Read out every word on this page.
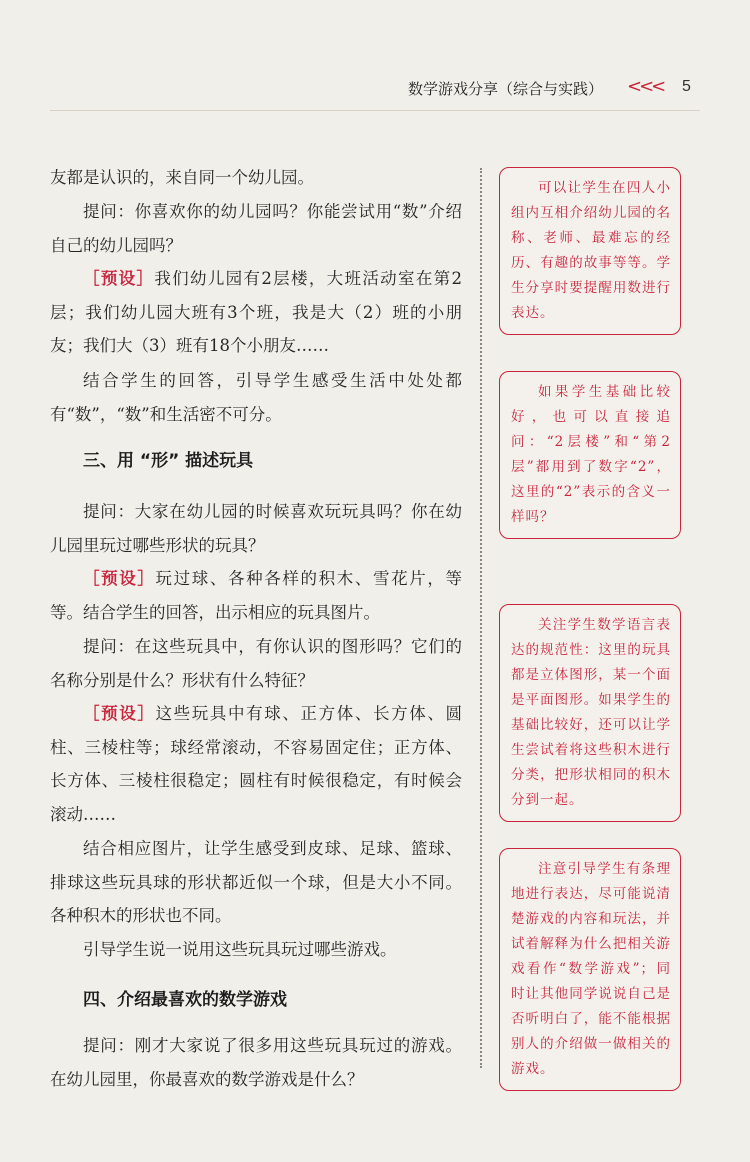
数学游戏分享（综合与实践） <<< 5

友都是认识的，来自同一个幼儿园。

提问：你喜欢你的幼儿园吗？你能尝试用“数”介绍自己的幼儿园吗？

［预设］我们幼儿园有2层楼，大班活动室在第2层；我们幼儿园大班有3个班，我是大（2）班的小朋友；我们大（3）班有18个小朋友……

结合学生的回答，引导学生感受生活中处处都有“数”，“数”和生活密不可分。

三、用 “形” 描述玩具

提问：大家在幼儿园的时候喜欢玩玩具吗？你在幼儿园里玩过哪些形状的玩具？

［预设］玩过球、各种各样的积木、雪花片，等等。 结合学生的回答，出示相应的玩具图片。

提问：在这些玩具中，有你认识的图形吗？它们的名称分别是什么？形状有什么特征？

［预设］这些玩具中有球、正方体、长方体、圆柱、三棱柱等；球经常滚动，不容易固定住；正方体、长方体、三棱柱很稳定；圆柱有时候很稳定，有时候会滚动……

结合相应图片，让学生感受到皮球、足球、篮球、排球这些玩具球的形状都近似一个球，但是大小不同。各种积木的形状也不同。

引导学生说一说用这些玩具玩过哪些游戏。

四、介绍最喜欢的数学游戏

提问：刚才大家说了很多用这些玩具玩过的游戏。在幼儿园里，你最喜欢的数学游戏是什么？

可以让学生在四人小组内互相介绍幼儿园的名称、老师、最难忘的经历、有趣的故事等等。学生分享时要提醒用数进行表达。
如果学生基础比较好，也可以直接追问：“2层楼”和“第2层”都用到了数字“2”，这里的“2”表示的含义一样吗？
关注学生数学语言表达的规范性：这里的玩具都是立体图形，某一个面是平面图形。如果学生的基础比较好，还可以让学生尝试着将这些积木进行分类，把形状相同的积木分到一起。
注意引导学生有条理地进行表达，尽可能说清楚游戏的内容和玩法，并试着解释为什么把相关游戏看作“数学游戏”；同时让其他同学说说自己是否听明白了，能不能根据别人的介绍做一做相关的游戏。
